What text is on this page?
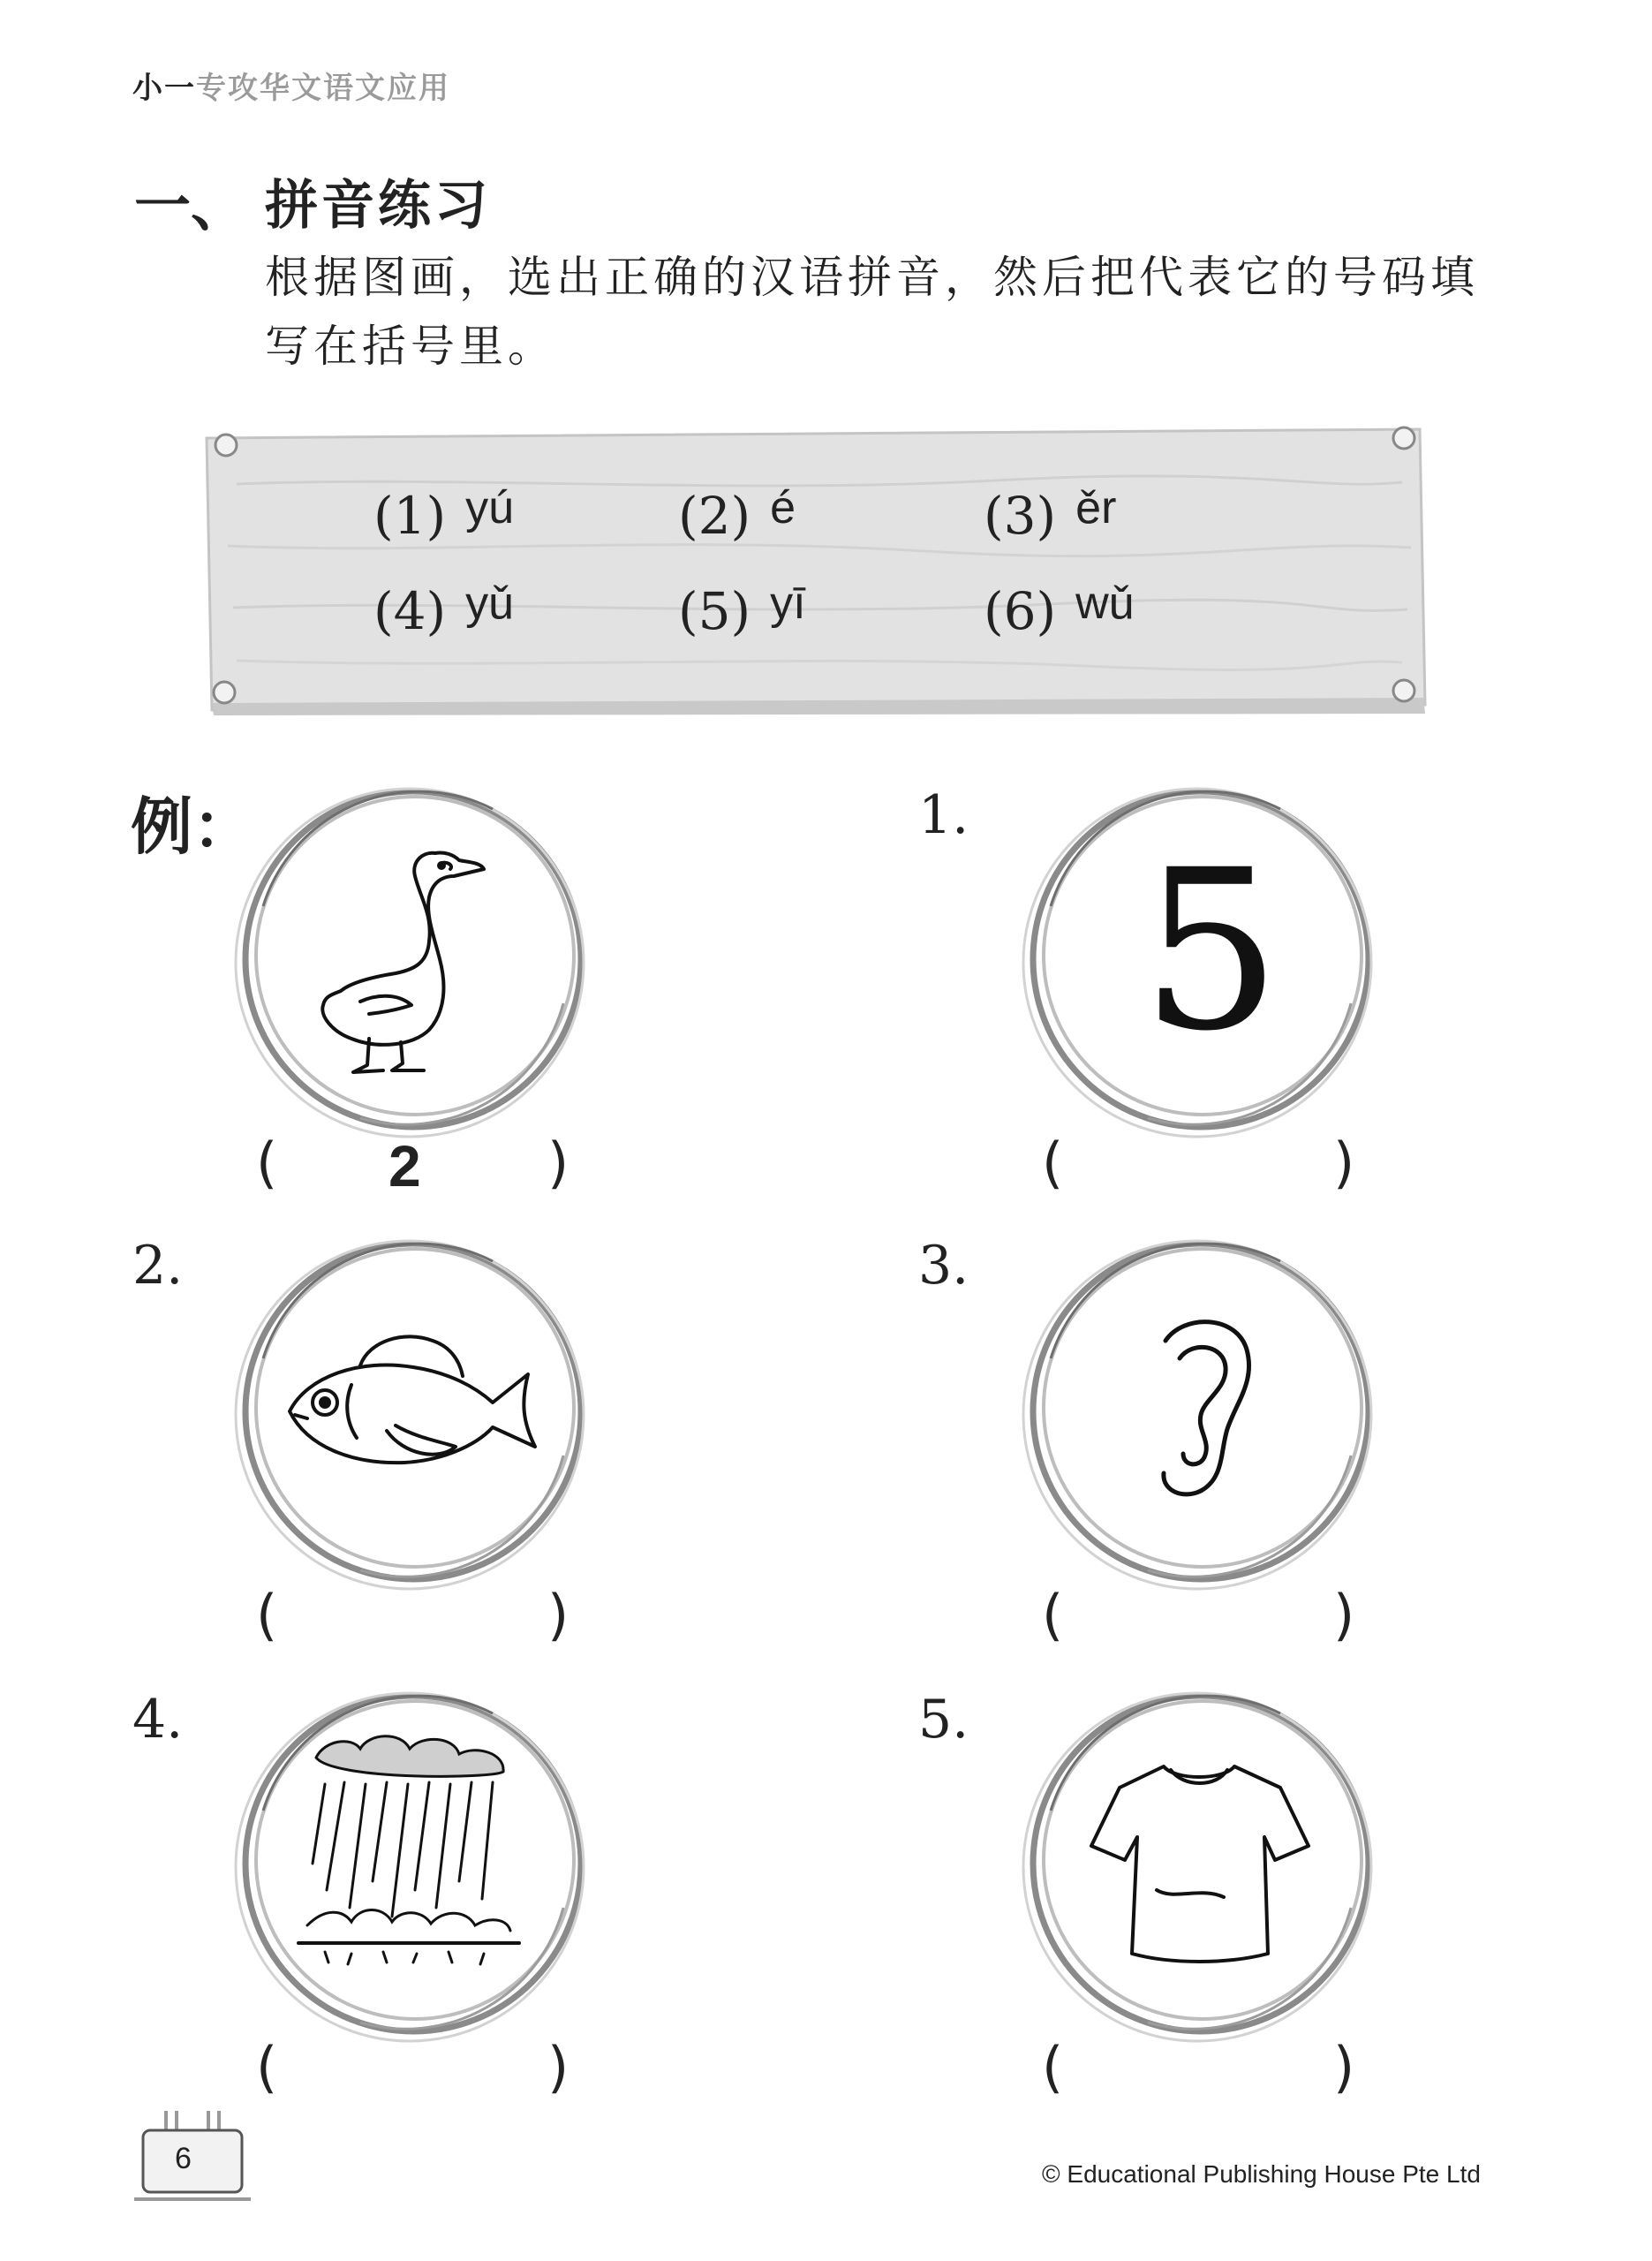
小一专攻华文语文应用
一、 拼音练习
根据图画，选出正确的汉语拼音，然后把代表它的号码填写在括号里。
(1) yú	(2) é	(3) ěr
(4) yǔ	(5) yī	(6) wǔ
例：
( 2 )
1.
5
(	)
2.
(	)
3.
(	)
4.
(	)
5.
(	)
6	© Educational Publishing House Pte Ltd
